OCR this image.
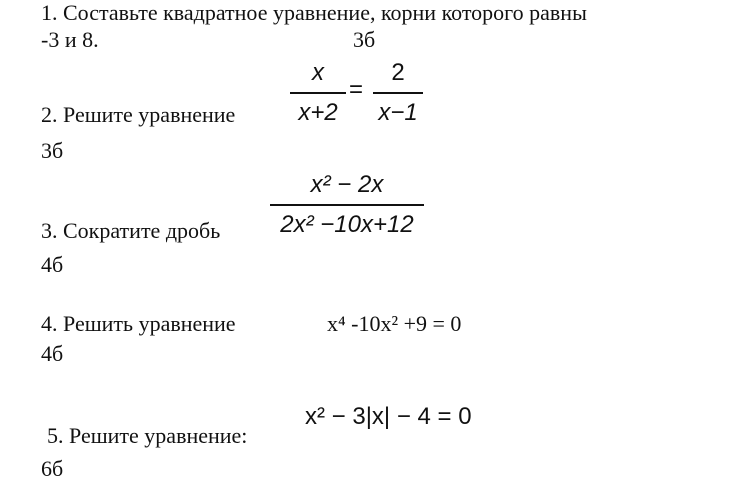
1. Составьте квадратное уравнение, корни которого равны
-3 и 8.	3б
2. Решите уравнение
x
x+2
=
2
x−1
3б
3. Сократите дробь
x² − 2x
2x² −10x+12
4б
4. Решить уравнение	x⁴ -10x² +9 = 0
4б
5. Решите уравнение:
x² − 3|x| − 4 = 0
6б
